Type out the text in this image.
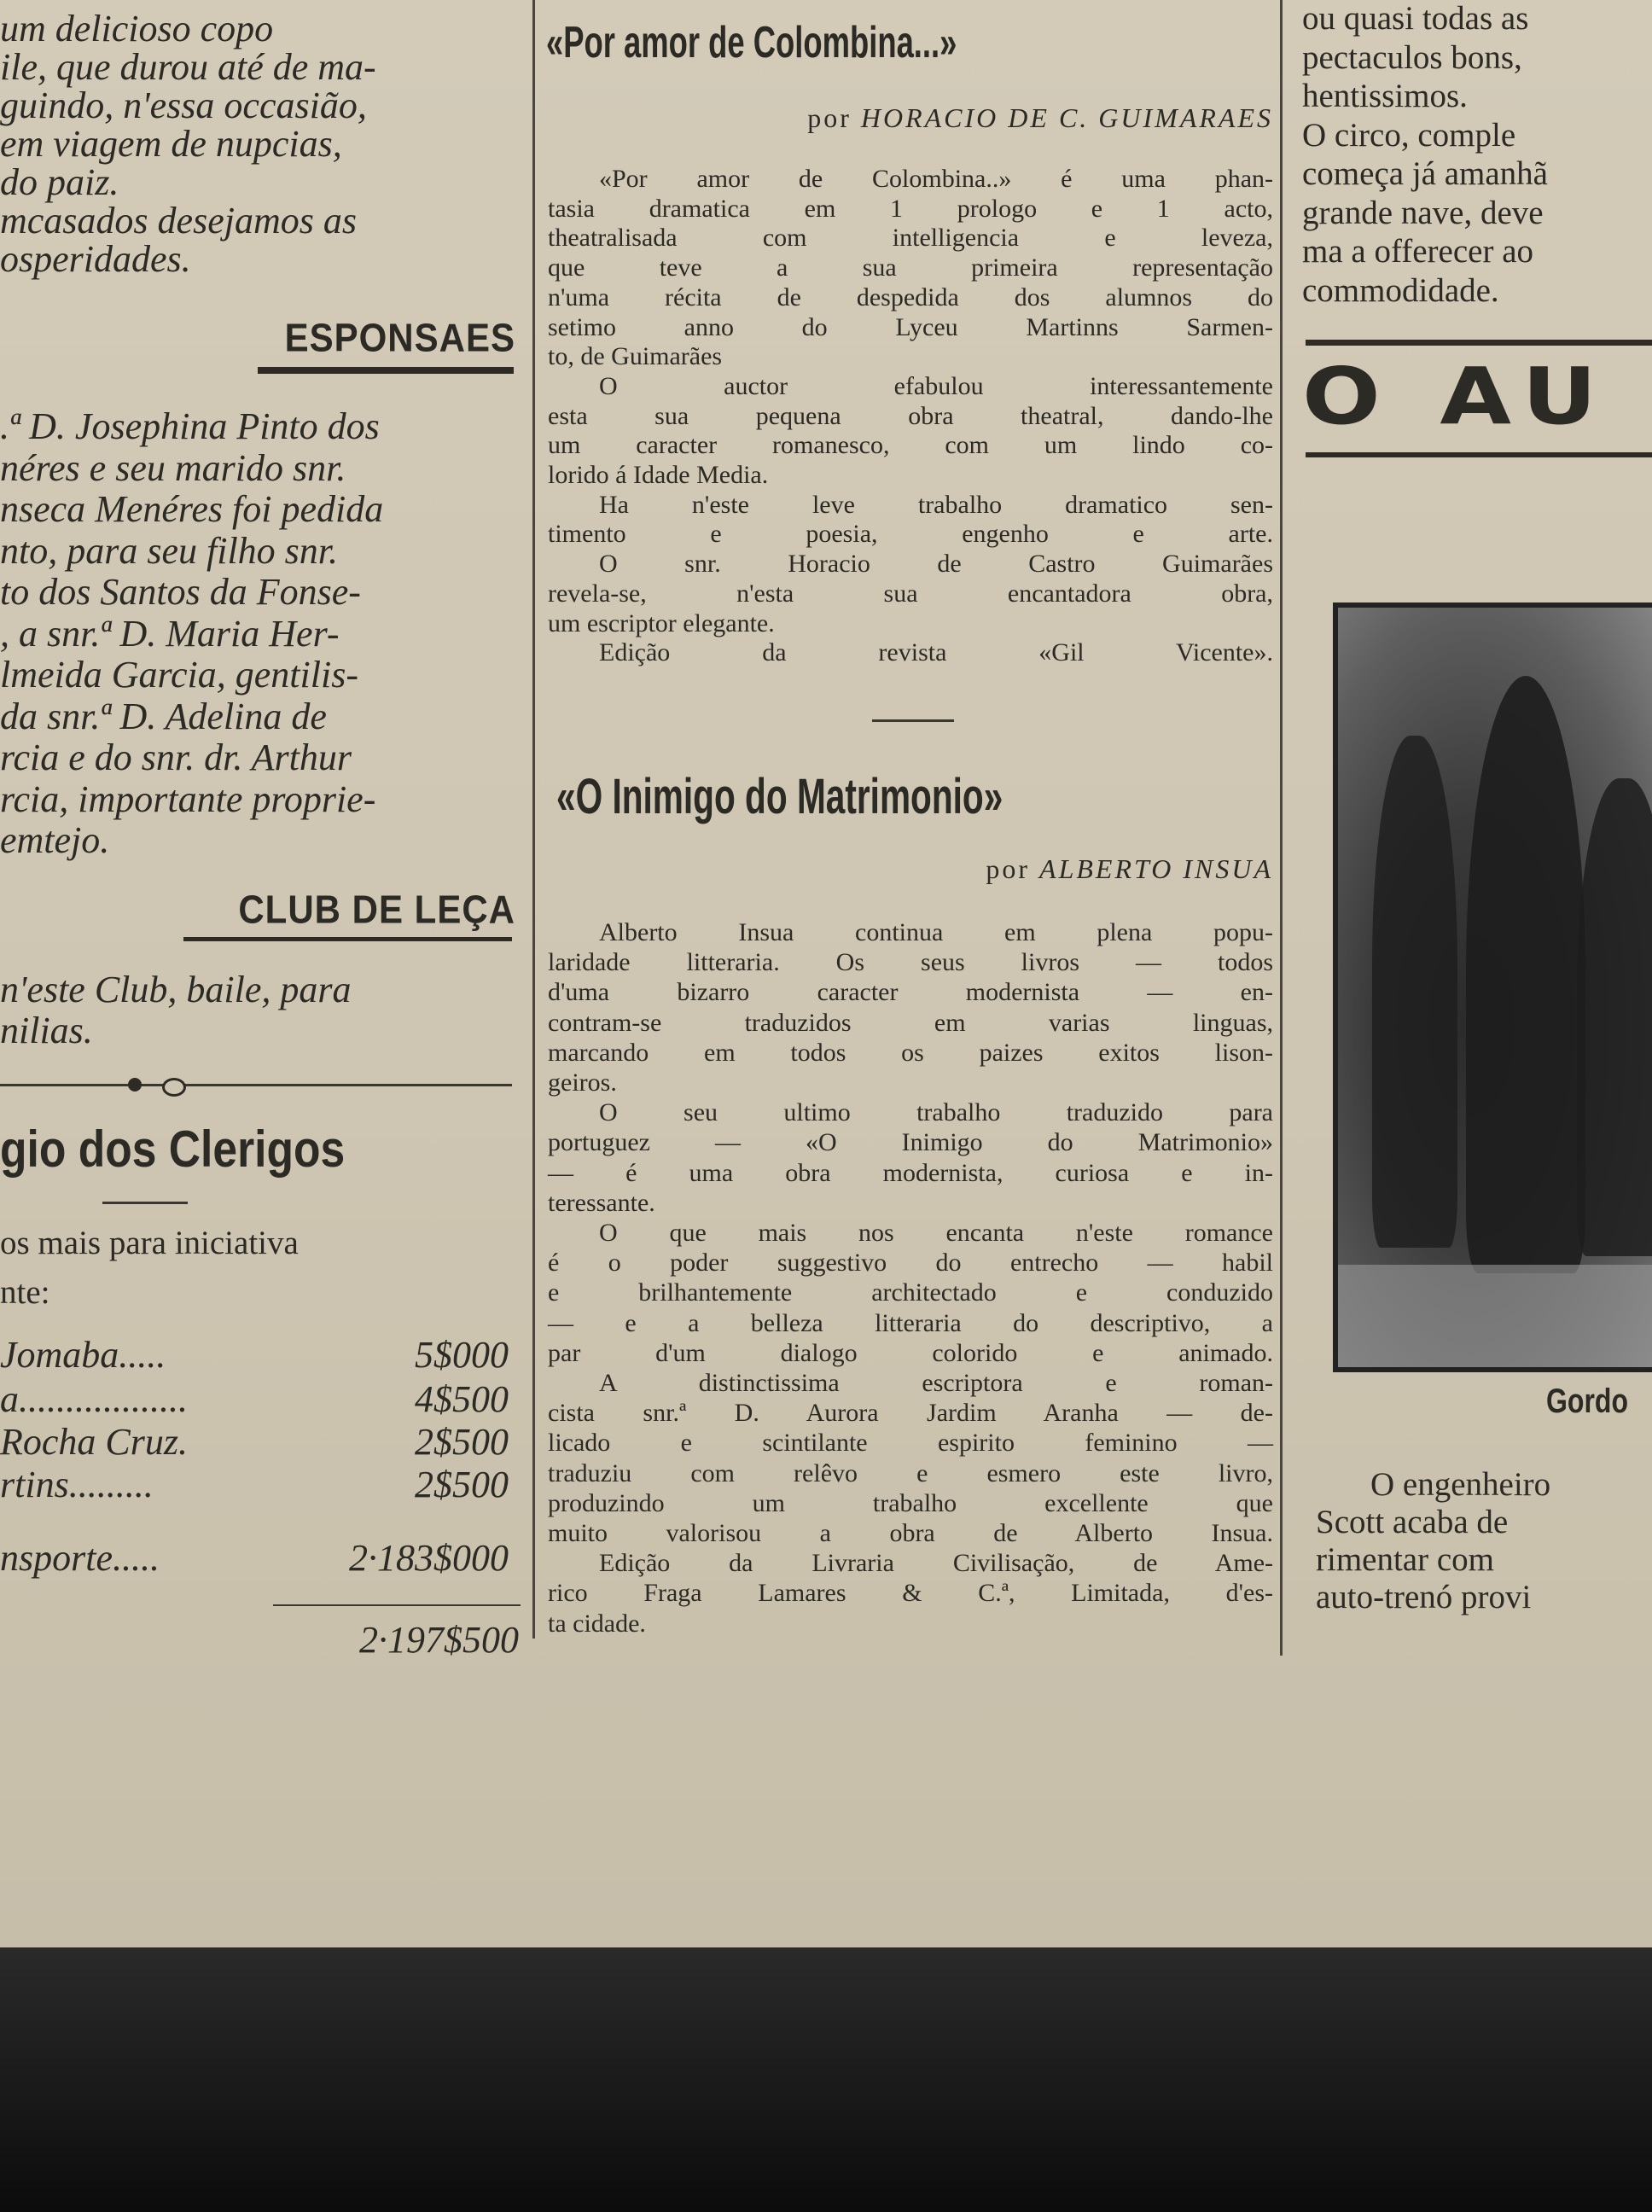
um delicioso copo
ile, que durou até de ma-
guindo, n'essa occasião,
em viagem de nupcias,
do paiz.
mcasados desejamos as
osperidades.
ESPONSAES
.ª D. Josephina Pinto dos
néres e seu marido snr.
nseca Menéres foi pedida
nto, para seu filho snr.
to dos Santos da Fonse-
, a snr.ª D. Maria Her-
lmeida Garcia, gentilis-
da snr.ª D. Adelina de
rcia e do snr. dr. Arthur
rcia, importante proprie-
emtejo.
CLUB DE LEÇA
n'este Club, baile, para
nilias.
gio dos Clerigos
os mais para iniciativa
nte:
Jomaba.....	5$000
a..................	4$500
Rocha Cruz.	2$500
rtins.........	2$500
nsporte.....	2·183$000
2·197$500
«Por amor de Colombina...»
por HORACIO DE C. GUIMARAES
«Por amor de Colombina..» é uma phan-
tasia dramatica em 1 prologo e 1 acto,
theatralisada com intelligencia e leveza,
que teve a sua primeira representação
n'uma récita de despedida dos alumnos do
setimo anno do Lyceu Martinns Sarmen-
to, de Guimarães
O auctor efabulou interessantemente
esta sua pequena obra theatral, dando-lhe
um caracter romanesco, com um lindo co-
lorido á Idade Media.
Ha n'este leve trabalho dramatico sen-
timento e poesia, engenho e arte.
O snr. Horacio de Castro Guimarães
revela-se, n'esta sua encantadora obra,
um escriptor elegante.
Edição da revista «Gil Vicente».
«O Inimigo do Matrimonio»
por ALBERTO INSUA
Alberto Insua continua em plena popu-
laridade litteraria. Os seus livros — todos
d'uma bizarro caracter modernista — en-
contram-se traduzidos em varias linguas,
marcando em todos os paizes exitos lison-
geiros.
O seu ultimo trabalho traduzido para
portuguez — «O Inimigo do Matrimonio»
— é uma obra modernista, curiosa e in-
teressante.
O que mais nos encanta n'este romance
é o poder suggestivo do entrecho — habil
e brilhantemente architectado e conduzido
— e a belleza litteraria do descriptivo, a
par d'um dialogo colorido e animado.
A distinctissima escriptora e roman-
cista snr.ª D. Aurora Jardim Aranha — de-
licado e scintilante espirito feminino —
traduziu com relêvo e esmero este livro,
produzindo um trabalho excellente que
muito valorisou a obra de Alberto Insua.
Edição da Livraria Civilisação, de Ame-
rico Fraga Lamares & C.ª, Limitada, d'es-
ta cidade.
ou quasi todas as
pectaculos bons,
hentissimos.
O circo, comple
começa já amanhã
grande nave, deve
ma a offerecer ao
commodidade.
O AU
Gordo
O engenheiro
Scott acaba de
rimentar com
auto-trenó provi
